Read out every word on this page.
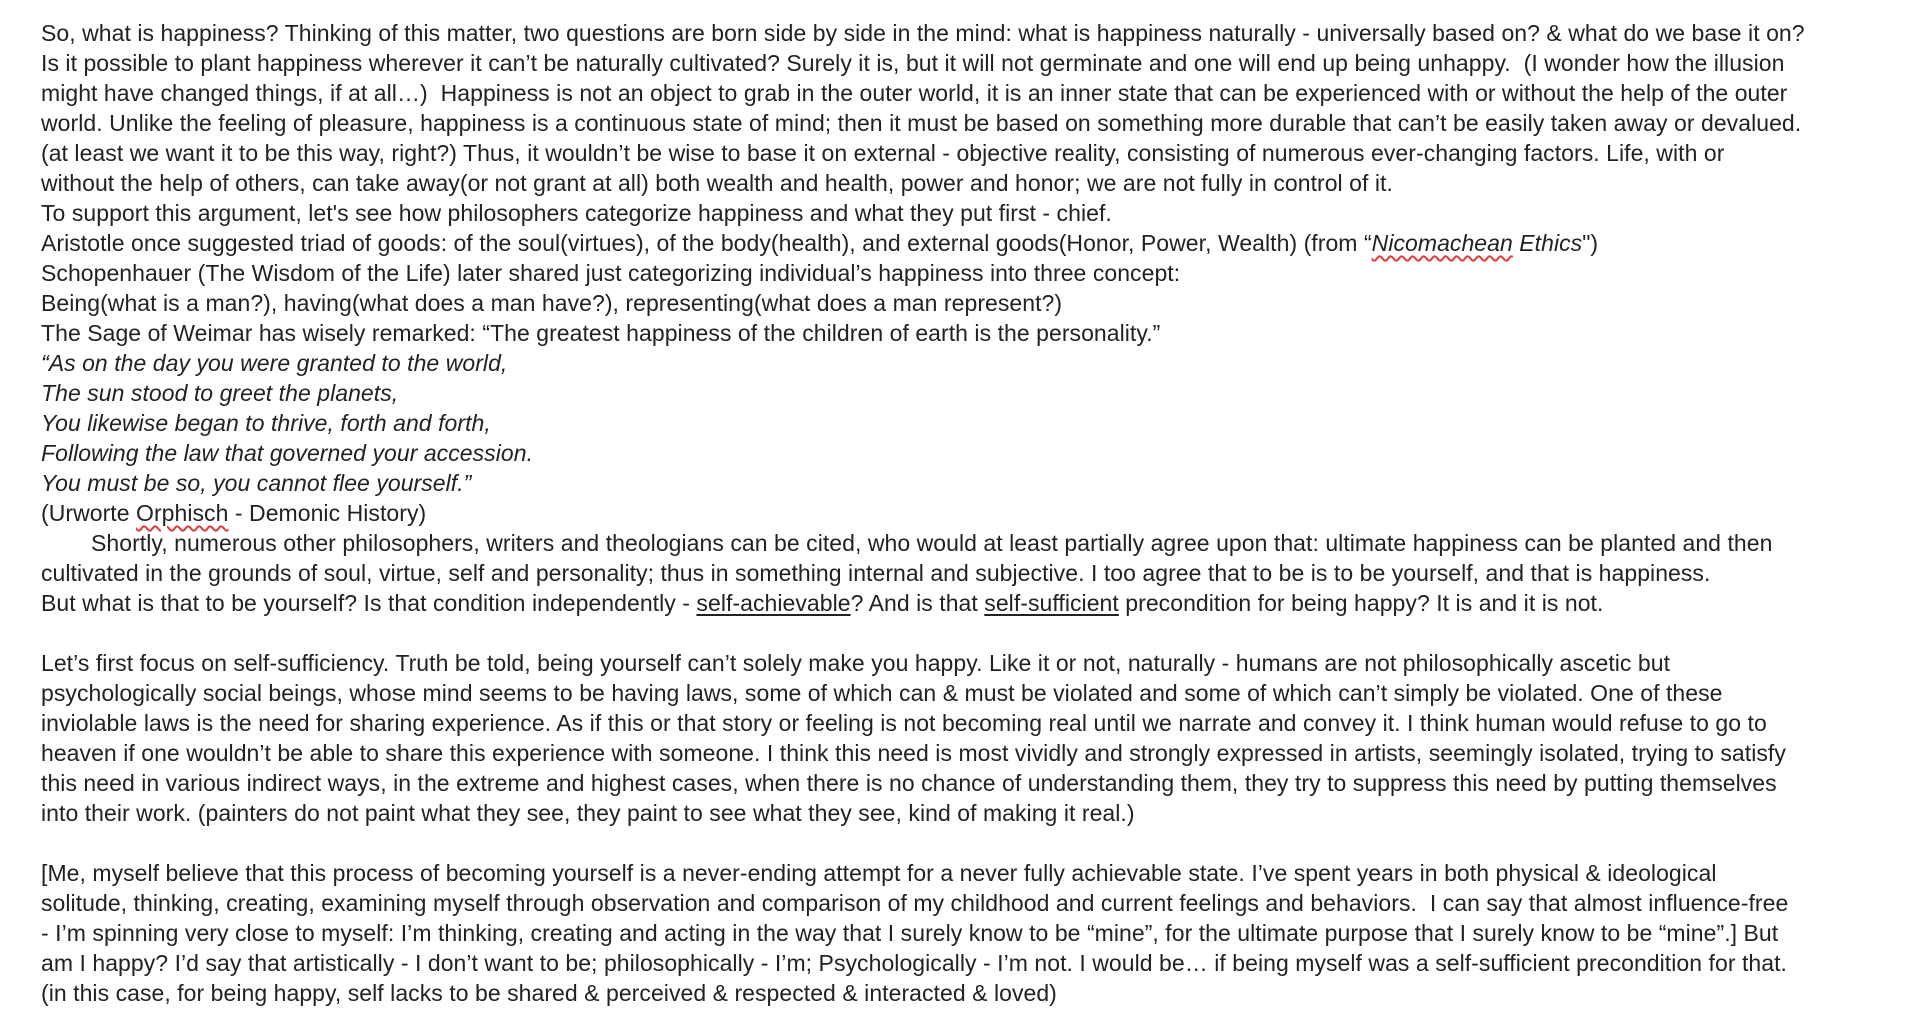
So, what is happiness? Thinking of this matter, two questions are born side by side in the mind: what is happiness naturally - universally based on? & what do we base it on?
Is it possible to plant happiness wherever it can’t be naturally cultivated? Surely it is, but it will not germinate and one will end up being unhappy.  (I wonder how the illusion
might have changed things, if at all…)  Happiness is not an object to grab in the outer world, it is an inner state that can be experienced with or without the help of the outer
world. Unlike the feeling of pleasure, happiness is a continuous state of mind; then it must be based on something more durable that can’t be easily taken away or devalued.
(at least we want it to be this way, right?) Thus, it wouldn’t be wise to base it on external - objective reality, consisting of numerous ever-changing factors. Life, with or
without the help of others, can take away(or not grant at all) both wealth and health, power and honor; we are not fully in control of it.
To support this argument, let's see how philosophers categorize happiness and what they put first - chief.
Aristotle once suggested triad of goods: of the soul(virtues), of the body(health), and external goods(Honor, Power, Wealth) (from “Nicomachean Ethics")
Schopenhauer (The Wisdom of the Life) later shared just categorizing individual’s happiness into three concept:
Being(what is a man?), having(what does a man have?), representing(what does a man represent?)
The Sage of Weimar has wisely remarked: “The greatest happiness of the children of earth is the personality.”
“As on the day you were granted to the world,
The sun stood to greet the planets,
You likewise began to thrive, forth and forth,
Following the law that governed your accession.
You must be so, you cannot flee yourself.”
(Urworte Orphisch - Demonic History)
Shortly, numerous other philosophers, writers and theologians can be cited, who would at least partially agree upon that: ultimate happiness can be planted and then
cultivated in the grounds of soul, virtue, self and personality; thus in something internal and subjective. I too agree that to be is to be yourself, and that is happiness.
But what is that to be yourself? Is that condition independently - self-achievable? And is that self-sufficient precondition for being happy? It is and it is not.
Let’s first focus on self-sufficiency. Truth be told, being yourself can’t solely make you happy. Like it or not, naturally - humans are not philosophically ascetic but
psychologically social beings, whose mind seems to be having laws, some of which can & must be violated and some of which can’t simply be violated. One of these
inviolable laws is the need for sharing experience. As if this or that story or feeling is not becoming real until we narrate and convey it. I think human would refuse to go to
heaven if one wouldn’t be able to share this experience with someone. I think this need is most vividly and strongly expressed in artists, seemingly isolated, trying to satisfy
this need in various indirect ways, in the extreme and highest cases, when there is no chance of understanding them, they try to suppress this need by putting themselves
into their work. (painters do not paint what they see, they paint to see what they see, kind of making it real.)
[Me, myself believe that this process of becoming yourself is a never-ending attempt for a never fully achievable state. I’ve spent years in both physical & ideological
solitude, thinking, creating, examining myself through observation and comparison of my childhood and current feelings and behaviors.  I can say that almost influence-free
- I’m spinning very close to myself: I’m thinking, creating and acting in the way that I surely know to be “mine”, for the ultimate purpose that I surely know to be “mine”.] But
am I happy? I’d say that artistically - I don’t want to be; philosophically - I’m; Psychologically - I’m not. I would be… if being myself was a self-sufficient precondition for that.
(in this case, for being happy, self lacks to be shared & perceived & respected & interacted & loved)
